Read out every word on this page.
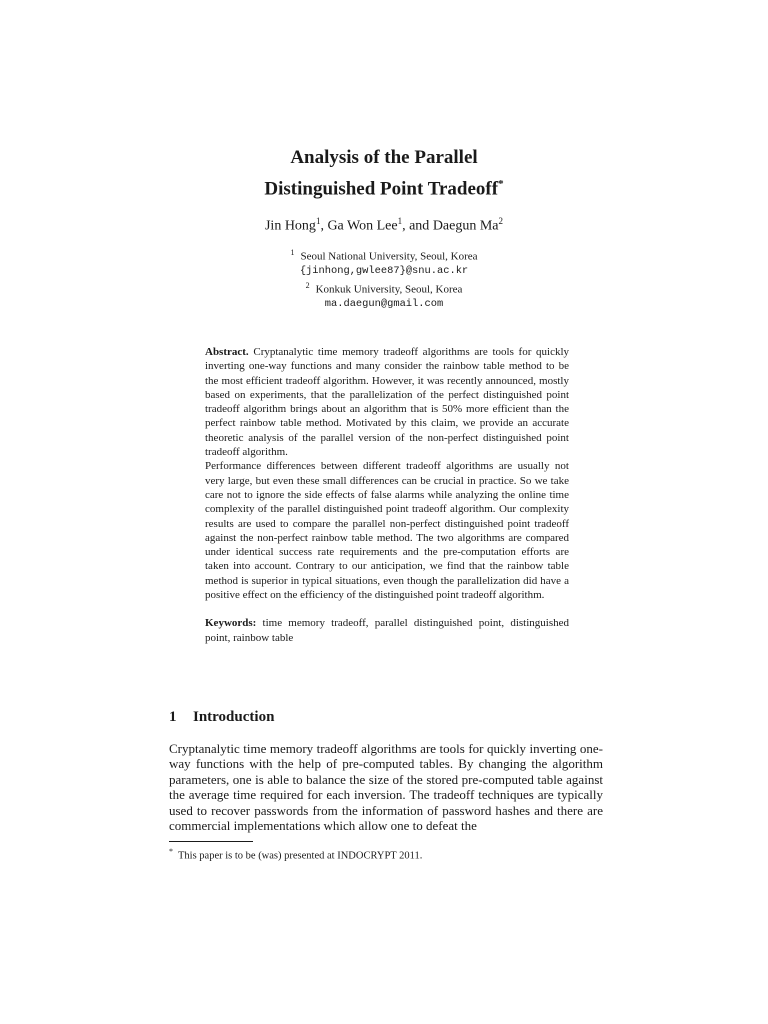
Analysis of the Parallel
Distinguished Point Tradeoff*
Jin Hong$^1$, Ga Won Lee$^1$, and Daegun Ma$^2$
$^1$ Seoul National University, Seoul, Korea
{jinhong,gwlee87}@snu.ac.kr
$^2$ Konkuk University, Seoul, Korea
ma.daegun@gmail.com

Abstract. Cryptanalytic time memory tradeoff algorithms are tools for quickly inverting one-way functions and many consider the rainbow table method to be the most efficient tradeoff algorithm. However, it was recently announced, mostly based on experiments, that the parallelization of the perfect distinguished point tradeoff algorithm brings about an algorithm that is 50% more efficient than the perfect rainbow table method. Motivated by this claim, we provide an accurate theoretic analysis of the parallel version of the non-perfect distinguished point tradeoff algorithm.

Performance differences between different tradeoff algorithms are usually not very large, but even these small differences can be crucial in practice. So we take care not to ignore the side effects of false alarms while analyzing the online time complexity of the parallel distinguished point tradeoff algorithm. Our complexity results are used to compare the parallel non-perfect distinguished point tradeoff against the non-perfect rainbow table method. The two algorithms are compared under identical success rate requirements and the pre-computation efforts are taken into account. Contrary to our anticipation, we find that the rainbow table method is superior in typical situations, even though the parallelization did have a positive effect on the efficiency of the distinguished point tradeoff algorithm.

Keywords: time memory tradeoff, parallel distinguished point, distinguished point, rainbow table

1 Introduction

Cryptanalytic time memory tradeoff algorithms are tools for quickly inverting one-way functions with the help of pre-computed tables. By changing the algorithm parameters, one is able to balance the size of the stored pre-computed table against the average time required for each inversion. The tradeoff techniques are typically used to recover passwords from the information of password hashes and there are commercial implementations which allow one to defeat the

* This paper is to be (was) presented at INDOCRYPT 2011.
